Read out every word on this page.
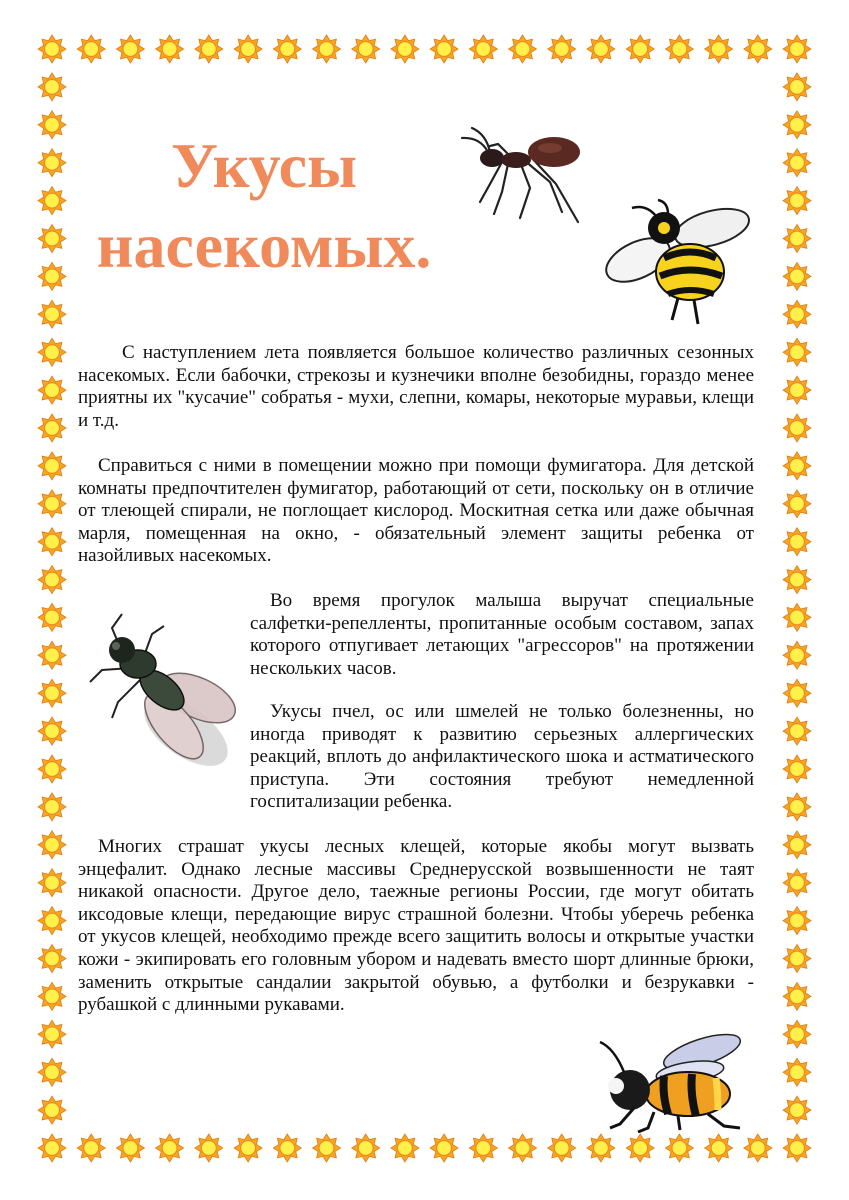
Укусы
насекомых.

С наступлением лета появляется большое количество различных сезонных насекомых. Если бабочки, стрекозы и кузнечики вполне безобидны, гораздо менее приятны их "кусачие" собратья - мухи, слепни, комары, некоторые муравьи, клещи и т.д.

Справиться с ними в помещении можно при помощи фумигатора. Для детской комнаты предпочтителен фумигатор, работающий от сети, поскольку он в отличие от тлеющей спирали, не поглощает кислород. Москитная сетка или даже обычная марля, помещенная на окно, - обязательный элемент защиты ребенка от назойливых насекомых.

Во время прогулок малыша выручат специальные салфетки-репелленты, пропитанные особым составом, запах которого отпугивает летающих "агрессоров" на протяжении нескольких часов.

Укусы пчел, ос или шмелей не только болезненны, но иногда приводят к развитию серьезных аллергических реакций, вплоть до анфилактического шока и астматического приступа. Эти состояния требуют немедленной госпитализации ребенка.

Многих страшат укусы лесных клещей, которые якобы могут вызвать энцефалит. Однако лесные массивы Среднерусской возвышенности не таят никакой опасности. Другое дело, таежные регионы России, где могут обитать иксодовые клещи, передающие вирус страшной болезни. Чтобы уберечь ребенка от укусов клещей, необходимо прежде всего защитить волосы и открытые участки кожи - экипировать его головным убором и надевать вместо шорт длинные брюки, заменить открытые сандалии закрытой обувью, а футболки и безрукавки - рубашкой с длинными рукавами.
